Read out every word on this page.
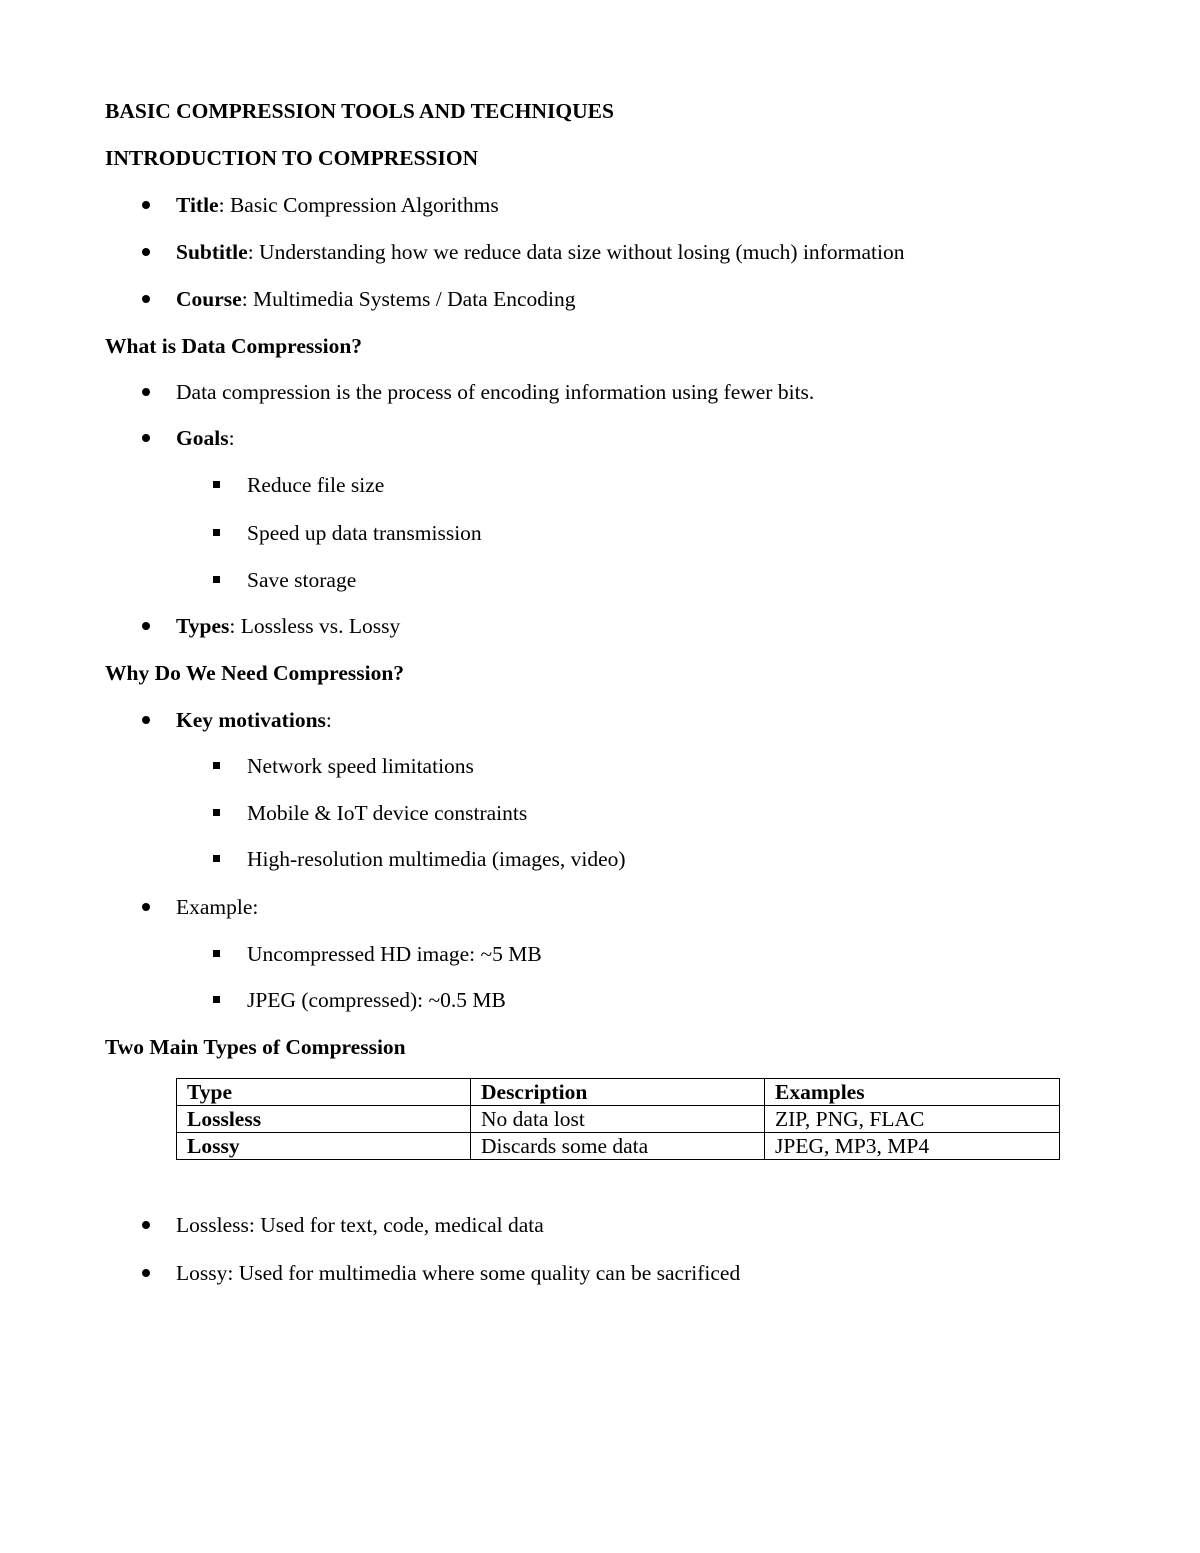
BASIC COMPRESSION TOOLS AND TECHNIQUES
INTRODUCTION TO COMPRESSION
Title: Basic Compression Algorithms
Subtitle: Understanding how we reduce data size without losing (much) information
Course: Multimedia Systems / Data Encoding
What is Data Compression?
Data compression is the process of encoding information using fewer bits.
Goals:
Reduce file size
Speed up data transmission
Save storage
Types: Lossless vs. Lossy
Why Do We Need Compression?
Key motivations:
Network speed limitations
Mobile & IoT device constraints
High-resolution multimedia (images, video)
Example:
Uncompressed HD image: ~5 MB
JPEG (compressed): ~0.5 MB
Two Main Types of Compression
Type	Description	Examples
Lossless	No data lost	ZIP, PNG, FLAC
Lossy	Discards some data	JPEG, MP3, MP4
Lossless: Used for text, code, medical data
Lossy: Used for multimedia where some quality can be sacrificed
